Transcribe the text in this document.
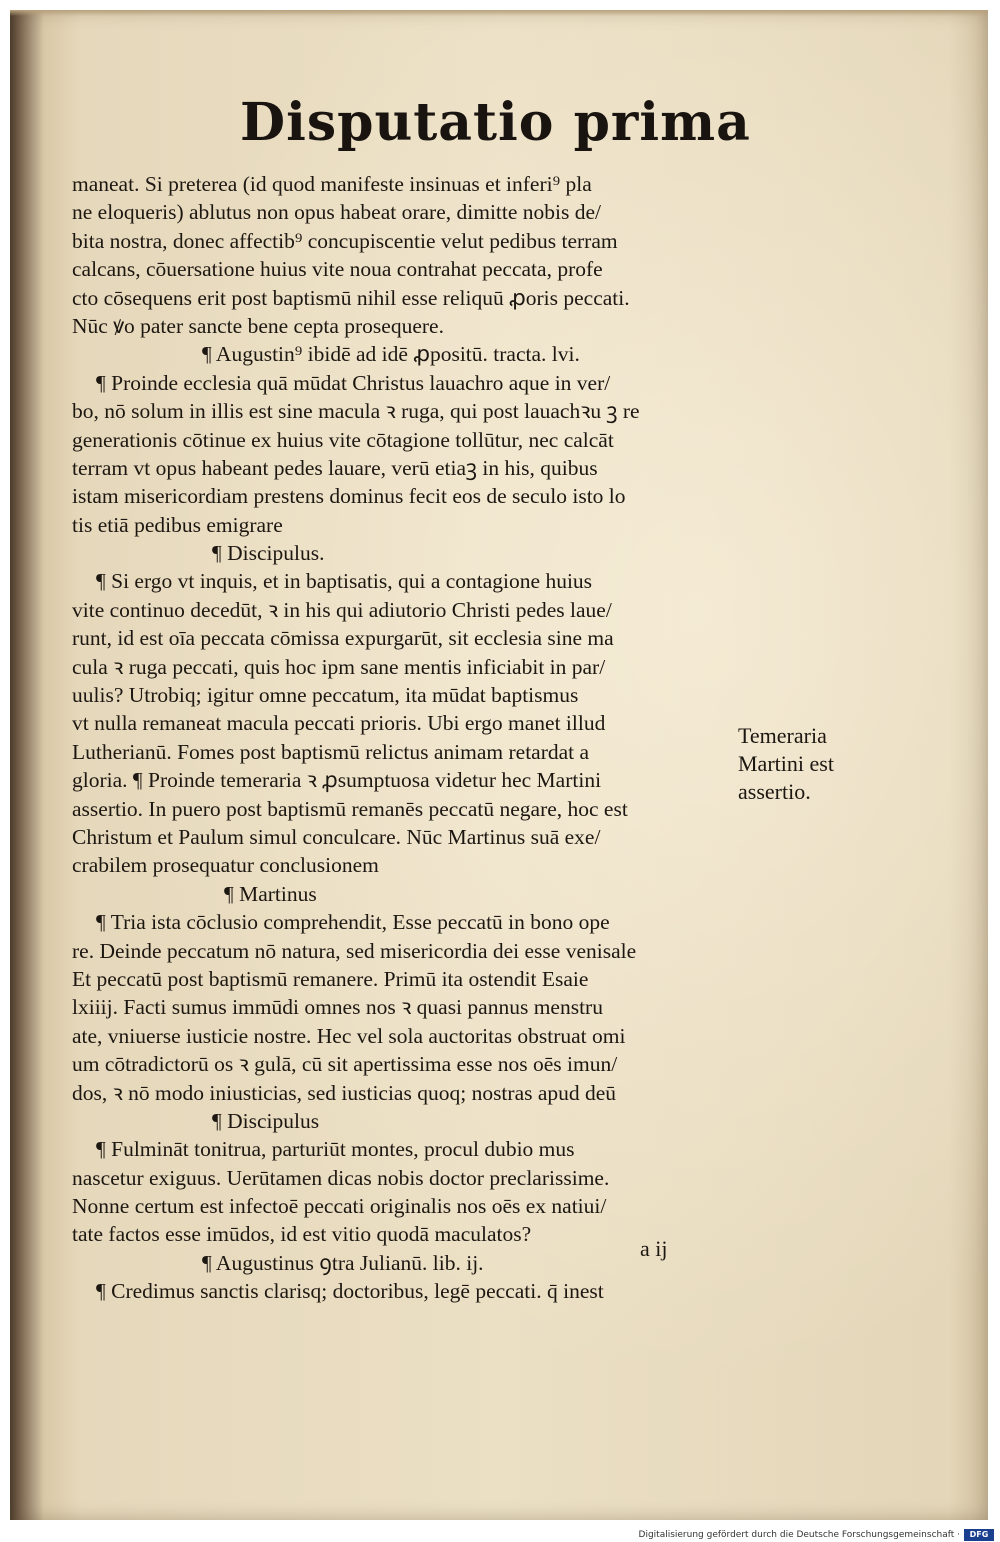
Disputatio prima
maneat. Si preterea (id quod manifeste insinuas et inferi⁹ pla
ne eloqueris) ablutus non opus habeat orare, dimitte nobis de/
bita nostra, donec affectib⁹ concupiscentie velut pedibus terram
calcans, cōuersatione huius vite noua contrahat peccata, profe
cto cōsequens erit post baptismū nihil esse reliquū ꝓoris peccati.
Nūc ꝟo pater sancte bene cepta prosequere.
¶ Augustin⁹ ibidē ad idē ꝓpositū. tracta. lvi.
¶ Proinde ecclesia quā mūdat Christus lauachro aque in ver/
bo, nō solum in illis est sine macula ꝛ ruga, qui post lauachꝛu ꝫ re
generationis cōtinue ex huius vite cōtagione tollūtur, nec calcāt
terram vt opus habeant pedes lauare, verū etiaꝫ in his, quibus
istam misericordiam prestens dominus fecit eos de seculo isto lo
tis etiā pedibus emigrare
¶ Discipulus.
¶ Si ergo vt inquis, et in baptisatis, qui a contagione huius
vite continuo decedūt, ꝛ in his qui adiutorio Christi pedes laue/
runt, id est oīa peccata cōmissa expurgarūt, sit ecclesia sine ma
cula ꝛ ruga peccati, quis hoc ipm sane mentis inficiabit in par/
uulis? Utrobiq; igitur omne peccatum, ita mūdat baptismus
vt nulla remaneat macula peccati prioris. Ubi ergo manet illud
Lutherianū. Fomes post baptismū relictus animam retardat a
gloria. ¶ Proinde temeraria ꝛ ꝓsumptuosa videtur hec Martini
assertio. In puero post baptismū remanēs peccatū negare, hoc est
Christum et Paulum simul conculcare. Nūc Martinus suā exe/
crabilem prosequatur conclusionem
¶ Martinus
¶ Tria ista cōclusio comprehendit, Esse peccatū in bono ope
re. Deinde peccatum nō natura, sed misericordia dei esse venisale
Et peccatū post baptismū remanere. Primū ita ostendit Esaie
lxiiij. Facti sumus immūdi omnes nos ꝛ quasi pannus menstru
ate, vniuerse iusticie nostre. Hec vel sola auctoritas obstruat omi
um cōtradictorū os ꝛ gulā, cū sit apertissima esse nos oēs imun/
dos, ꝛ nō modo iniusticias, sed iusticias quoq; nostras apud deū
¶ Discipulus
¶ Fulmināt tonitrua, parturiūt montes, procul dubio mus
nascetur exiguus. Uerūtamen dicas nobis doctor preclarissime.
Nonne certum est infectoē peccati originalis nos oēs ex natiui/
tate factos esse imūdos, id est vitio quodā maculatos?
¶ Augustinus ꝯtra Julianū. lib. ij.
¶ Credimus sanctis clarisq; doctoribus, legē peccati. q̄ inest
Temeraria
Martini est
assertio.
a ij
Digitalisierung gefördert durch die Deutsche Forschungsgemeinschaft ·	DFG
